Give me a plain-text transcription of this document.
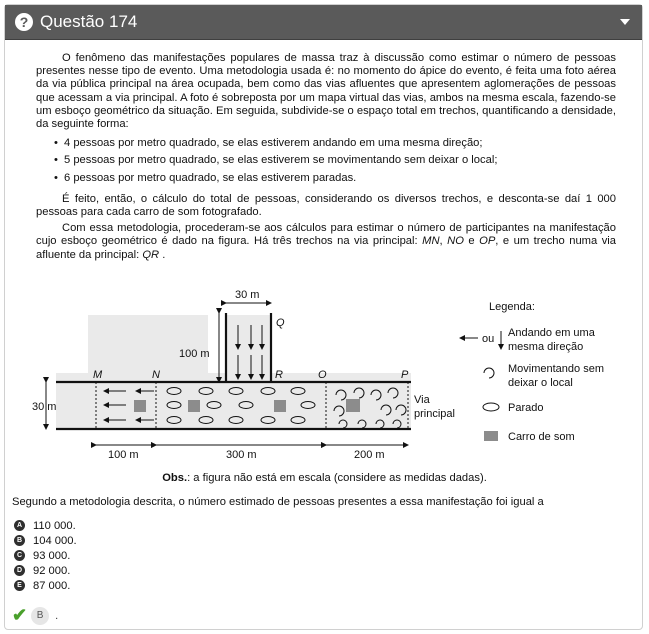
? Questão 174

O fenômeno das manifestações populares de massa traz à discussão como estimar o número de pessoas presentes nesse tipo de evento. Uma metodologia usada é: no momento do ápice do evento, é feita uma foto aérea da via pública principal na área ocupada, bem como das vias afluentes que apresentem aglomerações de pessoas que acessam a via principal. A foto é sobreposta por um mapa virtual das vias, ambos na mesma escala, fazendo-se um esboço geométrico da situação. Em seguida, subdivide-se o espaço total em trechos, quantificando a densidade, da seguinte forma:

• 4 pessoas por metro quadrado, se elas estiverem andando em uma mesma direção;
• 5 pessoas por metro quadrado, se elas estiverem se movimentando sem deixar o local;
• 6 pessoas por metro quadrado, se elas estiverem paradas.

É feito, então, o cálculo do total de pessoas, considerando os diversos trechos, e desconta-se daí 1 000 pessoas para cada carro de som fotografado.

Com essa metodologia, procederam-se aos cálculos para estimar o número de participantes na manifestação cujo esboço geométrico é dado na figura. Há três trechos na via principal: MN, NO e OP, e um trecho numa via afluente da principal: QR .

30 m
100 m
30 m
100 m	300 m	200 m
M	N	R	O	P
Q
Via
principal
Legenda:
ou Andando em uma
mesma direção
Movimentando sem
deixar o local
Parado
Carro de som
Obs.: a figura não está em escala (considere as medidas dadas).
Segundo a metodologia descrita, o número estimado de pessoas presentes a essa manifestação foi igual a
A 110 000.
B 104 000.
C 93 000.
D 92 000.
E 87 000.
✔ B	.
